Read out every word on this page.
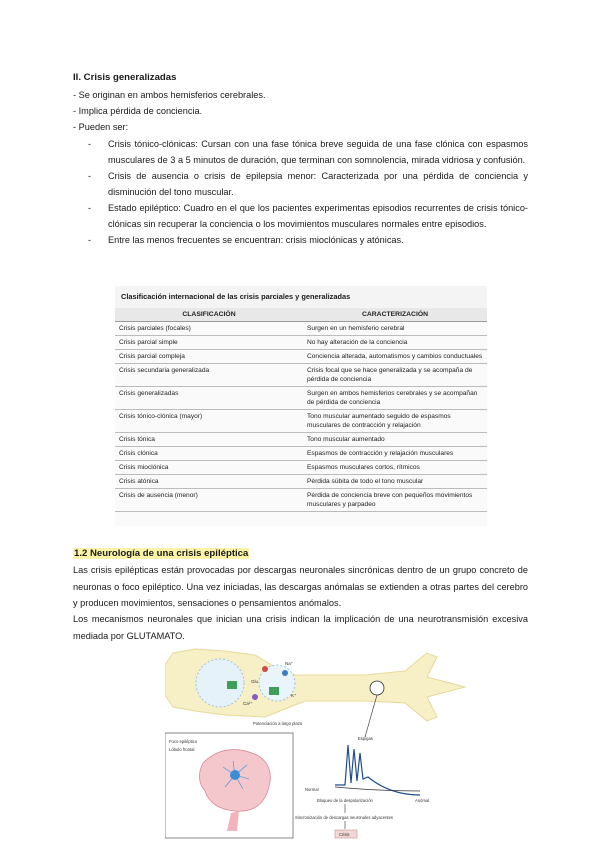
II. Crisis generalizadas
- Se originan en ambos hemisferios cerebrales.
- Implica pérdida de conciencia.
- Pueden ser:
- Crisis tónico-clónicas: Cursan con una fase tónica breve seguida de una fase clónica con espasmos musculares de 3 a 5 minutos de duración, que terminan con somnolencia, mirada vidriosa y confusión.
- Crisis de ausencia o crisis de epilepsia menor: Caracterizada por una pérdida de conciencia y disminución del tono muscular.
- Estado epiléptico: Cuadro en el que los pacientes experimentas episodios recurrentes de crisis tónico-clónicas sin recuperar la conciencia o los movimientos musculares normales entre episodios.
- Entre las menos frecuentes se encuentran: crisis mioclónicas y atónicas.
Clasificación internacional de las crisis parciales y generalizadas
CLASIFICACIÓN	CARACTERIZACIÓN
Crisis parciales (focales)	Surgen en un hemisferio cerebral
Crisis parcial simple	No hay alteración de la conciencia
Crisis parcial compleja	Conciencia alterada, automatismos y cambios conductuales
Crisis secundaria generalizada	Crisis focal que se hace generalizada y se acompaña de pérdida de conciencia
Crisis generalizadas	Surgen en ambos hemisferios cerebrales y se acompañan de pérdida de conciencia
Crisis tónico-clónica (mayor)	Tono muscular aumentado seguido de espasmos musculares de contracción y relajación
Crisis tónica	Tono muscular aumentado
Crisis clónica	Espasmos de contracción y relajación musculares
Crisis mioclónica	Espasmos musculares cortos, rítmicos
Crisis atónica	Pérdida súbita de todo el tono muscular
Crisis de ausencia (menor)	Pérdida de conciencia breve con pequeños movimientos musculares y parpadeo
1.2 Neurología de una crisis epiléptica

Las crisis epilépticas están provocadas por descargas neuronales sincrónicas dentro de un grupo concreto de neuronas o foco epiléptico. Una vez iniciadas, las descargas anómalas se extienden a otras partes del cerebro y producen movimientos, sensaciones o pensamientos anómalos.

Los mecanismos neuronales que inician una crisis indican la implicación de una neurotransmisión excesiva mediada por GLUTAMATO.

Glu
Na⁺
Ca²⁺
K⁺
Potenciación a largo plazo
Espigas
Normal
Anómal
Foco epiléptico
Lóbulo frontal
Bloqueo de la despolarización
Sincronización de descargas neuronales adyacentes
Crisis
